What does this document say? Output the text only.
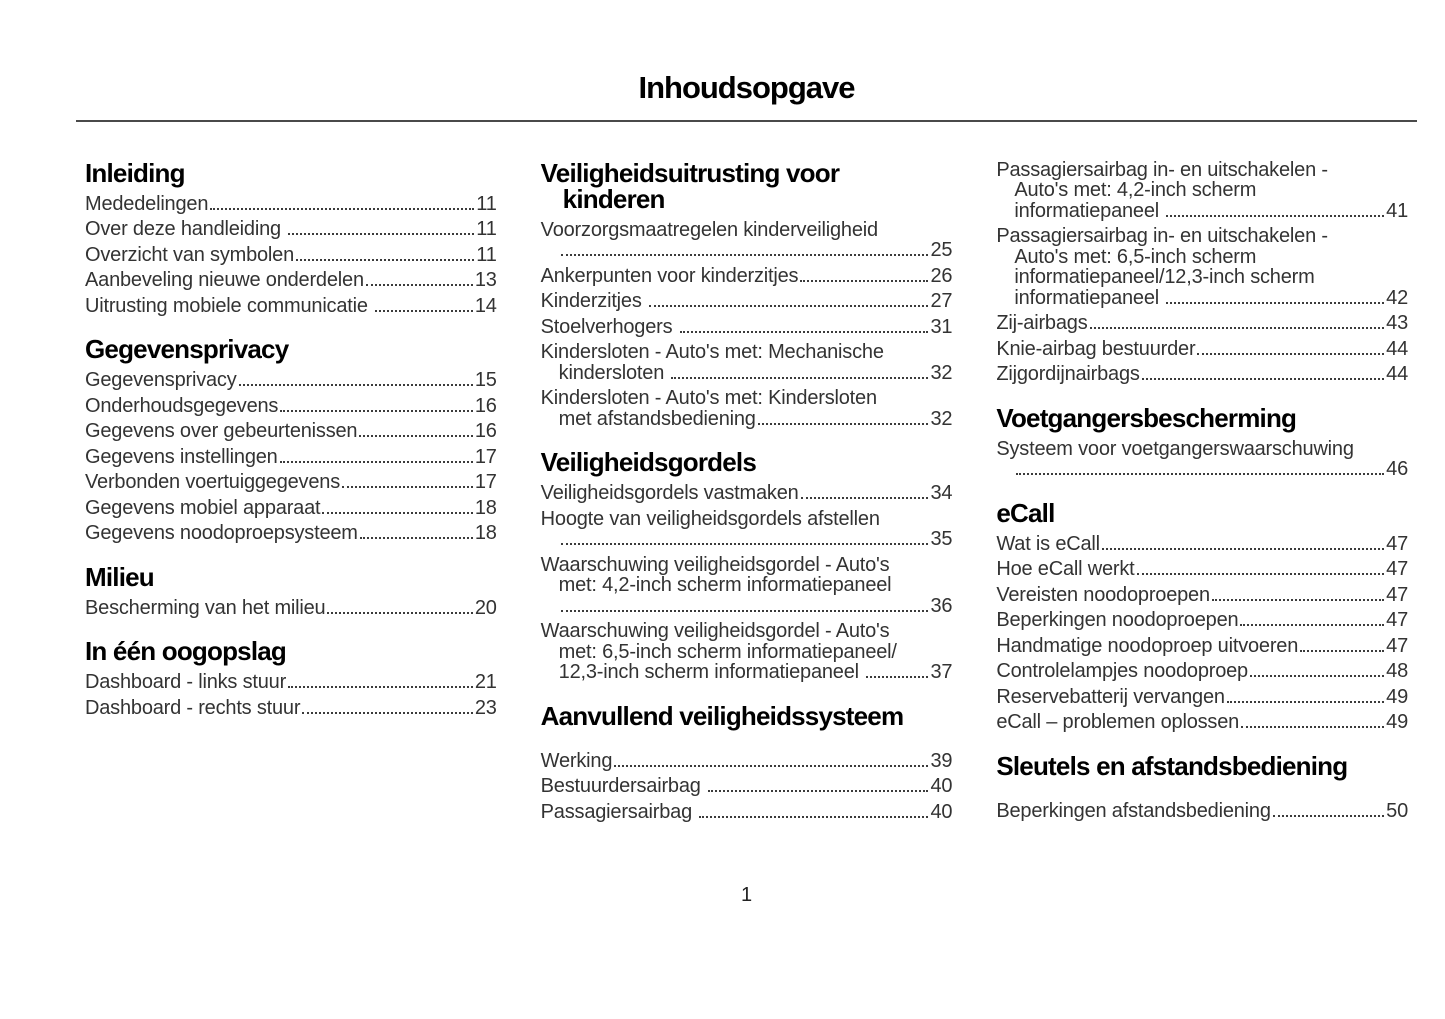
Inhoudsopgave
Inleiding
Mededelingen	11
Over deze handleiding	11
Overzicht van symbolen	11
Aanbeveling nieuwe onderdelen	13
Uitrusting mobiele communicatie	14
Gegevensprivacy
Gegevensprivacy	15
Onderhoudsgegevens	16
Gegevens over gebeurtenissen	16
Gegevens instellingen	17
Verbonden voertuiggegevens	17
Gegevens mobiel apparaat	18
Gegevens noodoproepsysteem	18
Milieu
Bescherming van het milieu	20
In één oogopslag
Dashboard - links stuur	21
Dashboard - rechts stuur	23
Veiligheidsuitrusting voor
kinderen
Voorzorgsmaatregelen kinderveiligheid
25
Ankerpunten voor kinderzitjes	26
Kinderzitjes	27
Stoelverhogers	31
Kindersloten - Auto's met: Mechanische
kindersloten	32
Kindersloten - Auto's met: Kindersloten
met afstandsbediening	32
Veiligheidsgordels
Veiligheidsgordels vastmaken	34
Hoogte van veiligheidsgordels afstellen
35
Waarschuwing veiligheidsgordel - Auto's
met: 4,2-inch scherm informatiepaneel
36
Waarschuwing veiligheidsgordel - Auto's
met: 6,5-inch scherm informatiepaneel/
12,3-inch scherm informatiepaneel	37
Aanvullend veiligheidssysteem
Werking	39
Bestuurdersairbag	40
Passagiersairbag	40
Passagiersairbag in- en uitschakelen -
Auto's met: 4,2-inch scherm
informatiepaneel	41
Passagiersairbag in- en uitschakelen -
Auto's met: 6,5-inch scherm
informatiepaneel/12,3-inch scherm
informatiepaneel	42
Zij-airbags	43
Knie-airbag bestuurder	44
Zijgordijnairbags	44
Voetgangersbescherming
Systeem voor voetgangerswaarschuwing
46
eCall
Wat is eCall	47
Hoe eCall werkt	47
Vereisten noodoproepen	47
Beperkingen noodoproepen	47
Handmatige noodoproep uitvoeren	47
Controlelampjes noodoproep	48
Reservebatterij vervangen	49
eCall – problemen oplossen	49
Sleutels en afstandsbediening
Beperkingen afstandsbediening	50
1
